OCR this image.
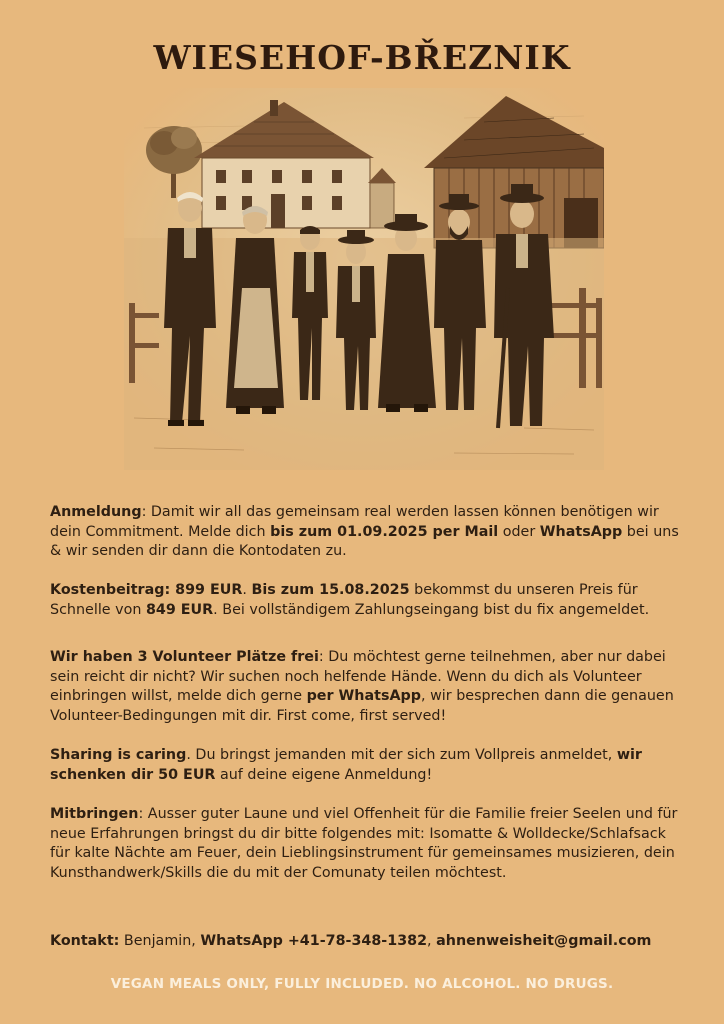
WIESEHOF-BŘEZNIK
Anmeldung: Damit wir all das gemeinsam real werden lassen können benötigen wir dein Commitment. Melde dich bis zum 01.09.2025 per Mail oder WhatsApp bei uns & wir senden dir dann die Kontodaten zu.
Kostenbeitrag: 899 EUR. Bis zum 15.08.2025 bekommst du unseren Preis für Schnelle von 849 EUR. Bei vollständigem Zahlungseingang bist du fix angemeldet.
Wir haben 3 Volunteer Plätze frei: Du möchtest gerne teilnehmen, aber nur dabei sein reicht dir nicht? Wir suchen noch helfende Hände. Wenn du dich als Volunteer einbringen willst, melde dich gerne per WhatsApp, wir besprechen dann die genauen Volunteer-Bedingungen mit dir. First come, first served!
Sharing is caring. Du bringst jemanden mit der sich zum Vollpreis anmeldet, wir schenken dir 50 EUR auf deine eigene Anmeldung!
Mitbringen: Ausser guter Laune und viel Offenheit für die Familie freier Seelen und für neue Erfahrungen bringst du dir bitte folgendes mit: Isomatte & Wolldecke/Schlafsack für kalte Nächte am Feuer, dein Lieblingsinstrument für gemeinsames musizieren, dein Kunsthandwerk/Skills die du mit der Comunaty teilen möchtest.
Kontakt: Benjamin, WhatsApp +41-78-348-1382, ahnenweisheit@gmail.com
VEGAN MEALS ONLY, FULLY INCLUDED. NO ALCOHOL. NO DRUGS.
